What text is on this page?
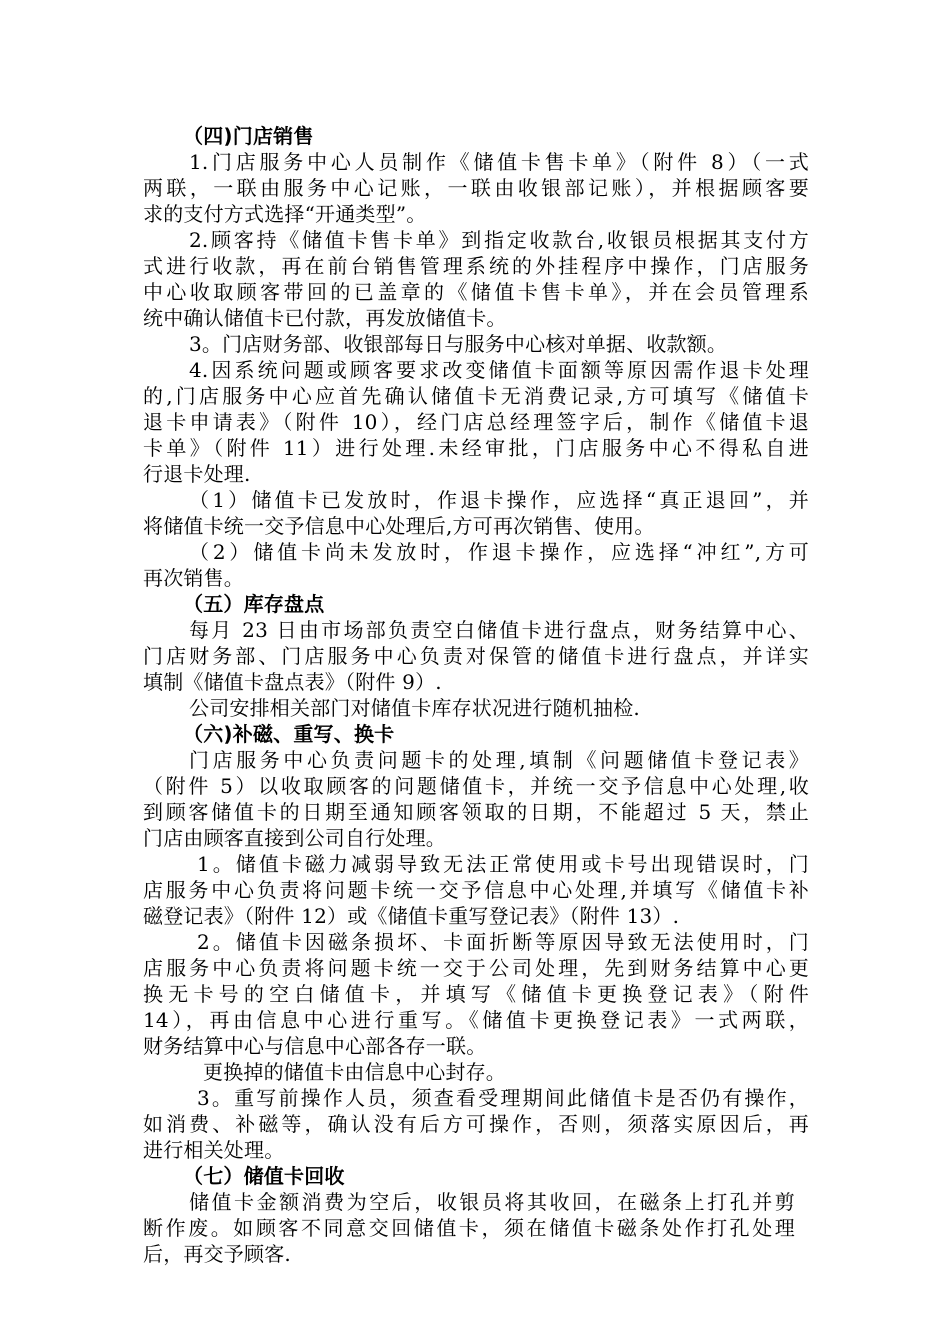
（四)门店销售
1.门店服务中心人员制作《储值卡售卡单》（附件 8）（一式
两联，一联由服务中心记账，一联由收银部记账），并根据顾客要
求的支付方式选择“开通类型”。
2.顾客持《储值卡售卡单》到指定收款台,收银员根据其支付方
式进行收款，再在前台销售管理系统的外挂程序中操作，门店服务
中心收取顾客带回的已盖章的《储值卡售卡单》，并在会员管理系
统中确认储值卡已付款，再发放储值卡。
3。门店财务部、收银部每日与服务中心核对单据、收款额。
4.因系统问题或顾客要求改变储值卡面额等原因需作退卡处理
的,门店服务中心应首先确认储值卡无消费记录,方可填写《储值卡
退卡申请表》（附件 10），经门店总经理签字后，制作《储值卡退
卡单》（附件 11）进行处理.未经审批，门店服务中心不得私自进
行退卡处理.
（1）储值卡已发放时，作退卡操作，应选择“真正退回”，并
将储值卡统一交予信息中心处理后,方可再次销售、使用。
（2）储值卡尚未发放时，作退卡操作，应选择“冲红”,方可
再次销售。
（五）库存盘点
每月 23 日由市场部负责空白储值卡进行盘点，财务结算中心、
门店财务部、门店服务中心负责对保管的储值卡进行盘点，并详实
填制《储值卡盘点表》（附件 9）.
公司安排相关部门对储值卡库存状况进行随机抽检.
（六)补磁、重写、换卡
门店服务中心负责问题卡的处理,填制《问题储值卡登记表》
（附件 5）以收取顾客的问题储值卡，并统一交予信息中心处理,收
到顾客储值卡的日期至通知顾客领取的日期，不能超过 5 天，禁止
门店由顾客直接到公司自行处理。
1。储值卡磁力减弱导致无法正常使用或卡号出现错误时，门
店服务中心负责将问题卡统一交予信息中心处理,并填写《储值卡补
磁登记表》（附件 12）或《储值卡重写登记表》（附件 13）.
2。储值卡因磁条损坏、卡面折断等原因导致无法使用时，门
店服务中心负责将问题卡统一交于公司处理，先到财务结算中心更
换无卡号的空白储值卡，并填写《储值卡更换登记表》（附件
14），再由信息中心进行重写。《储值卡更换登记表》一式两联，
财务结算中心与信息中心部各存一联。
更换掉的储值卡由信息中心封存。
3。重写前操作人员，须查看受理期间此储值卡是否仍有操作，
如消费、补磁等，确认没有后方可操作，否则，须落实原因后，再
进行相关处理。
（七）储值卡回收
储值卡金额消费为空后，收银员将其收回，在磁条上打孔并剪
断作废。如顾客不同意交回储值卡，须在储值卡磁条处作打孔处理
后，再交予顾客.
